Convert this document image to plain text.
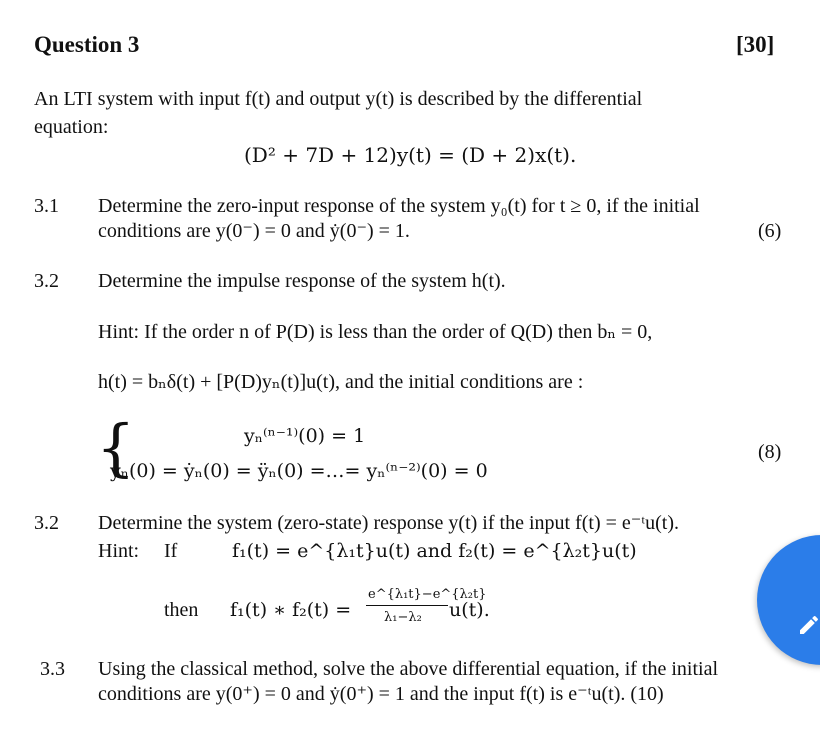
Question 3	[30]
An LTI system with input f(t) and output y(t) is described by the differential
equation:
(D² + 7D + 12)y(t) = (D + 2)x(t).
3.1 Determine the zero-input response of the system y₀(t) for t ≥ 0, if the initial
conditions are y(0⁻) = 0 and ẏ(0⁻) = 1.	(6)
3.2 Determine the impulse response of the system h(t).
Hint: If the order n of P(D) is less than the order of Q(D) then bₙ = 0,
h(t) = bₙδ(t) + [P(D)yₙ(t)]u(t), and the initial conditions are :
{	yₙ⁽ⁿ⁻¹⁾(0) = 1
yₙ(0) = ẏₙ(0) = ÿₙ(0) =…= yₙ⁽ⁿ⁻²⁾(0) = 0
(8)
3.2 Determine the system (zero-state) response y(t) if the input f(t) = e⁻ᵗu(t).
Hint: If	f₁(t) = e^{λ₁t}u(t) and f₂(t) = e^{λ₂t}u(t)
then f₁(t) ∗ f₂(t) =
e^{λ₁t}−e^{λ₂t}
λ₁−λ₂ u(t).
3.3 Using the classical method, solve the above differential equation, if the initial
conditions are y(0⁺) = 0 and ẏ(0⁺) = 1 and the input f(t) is e⁻ᵗu(t). (10)
